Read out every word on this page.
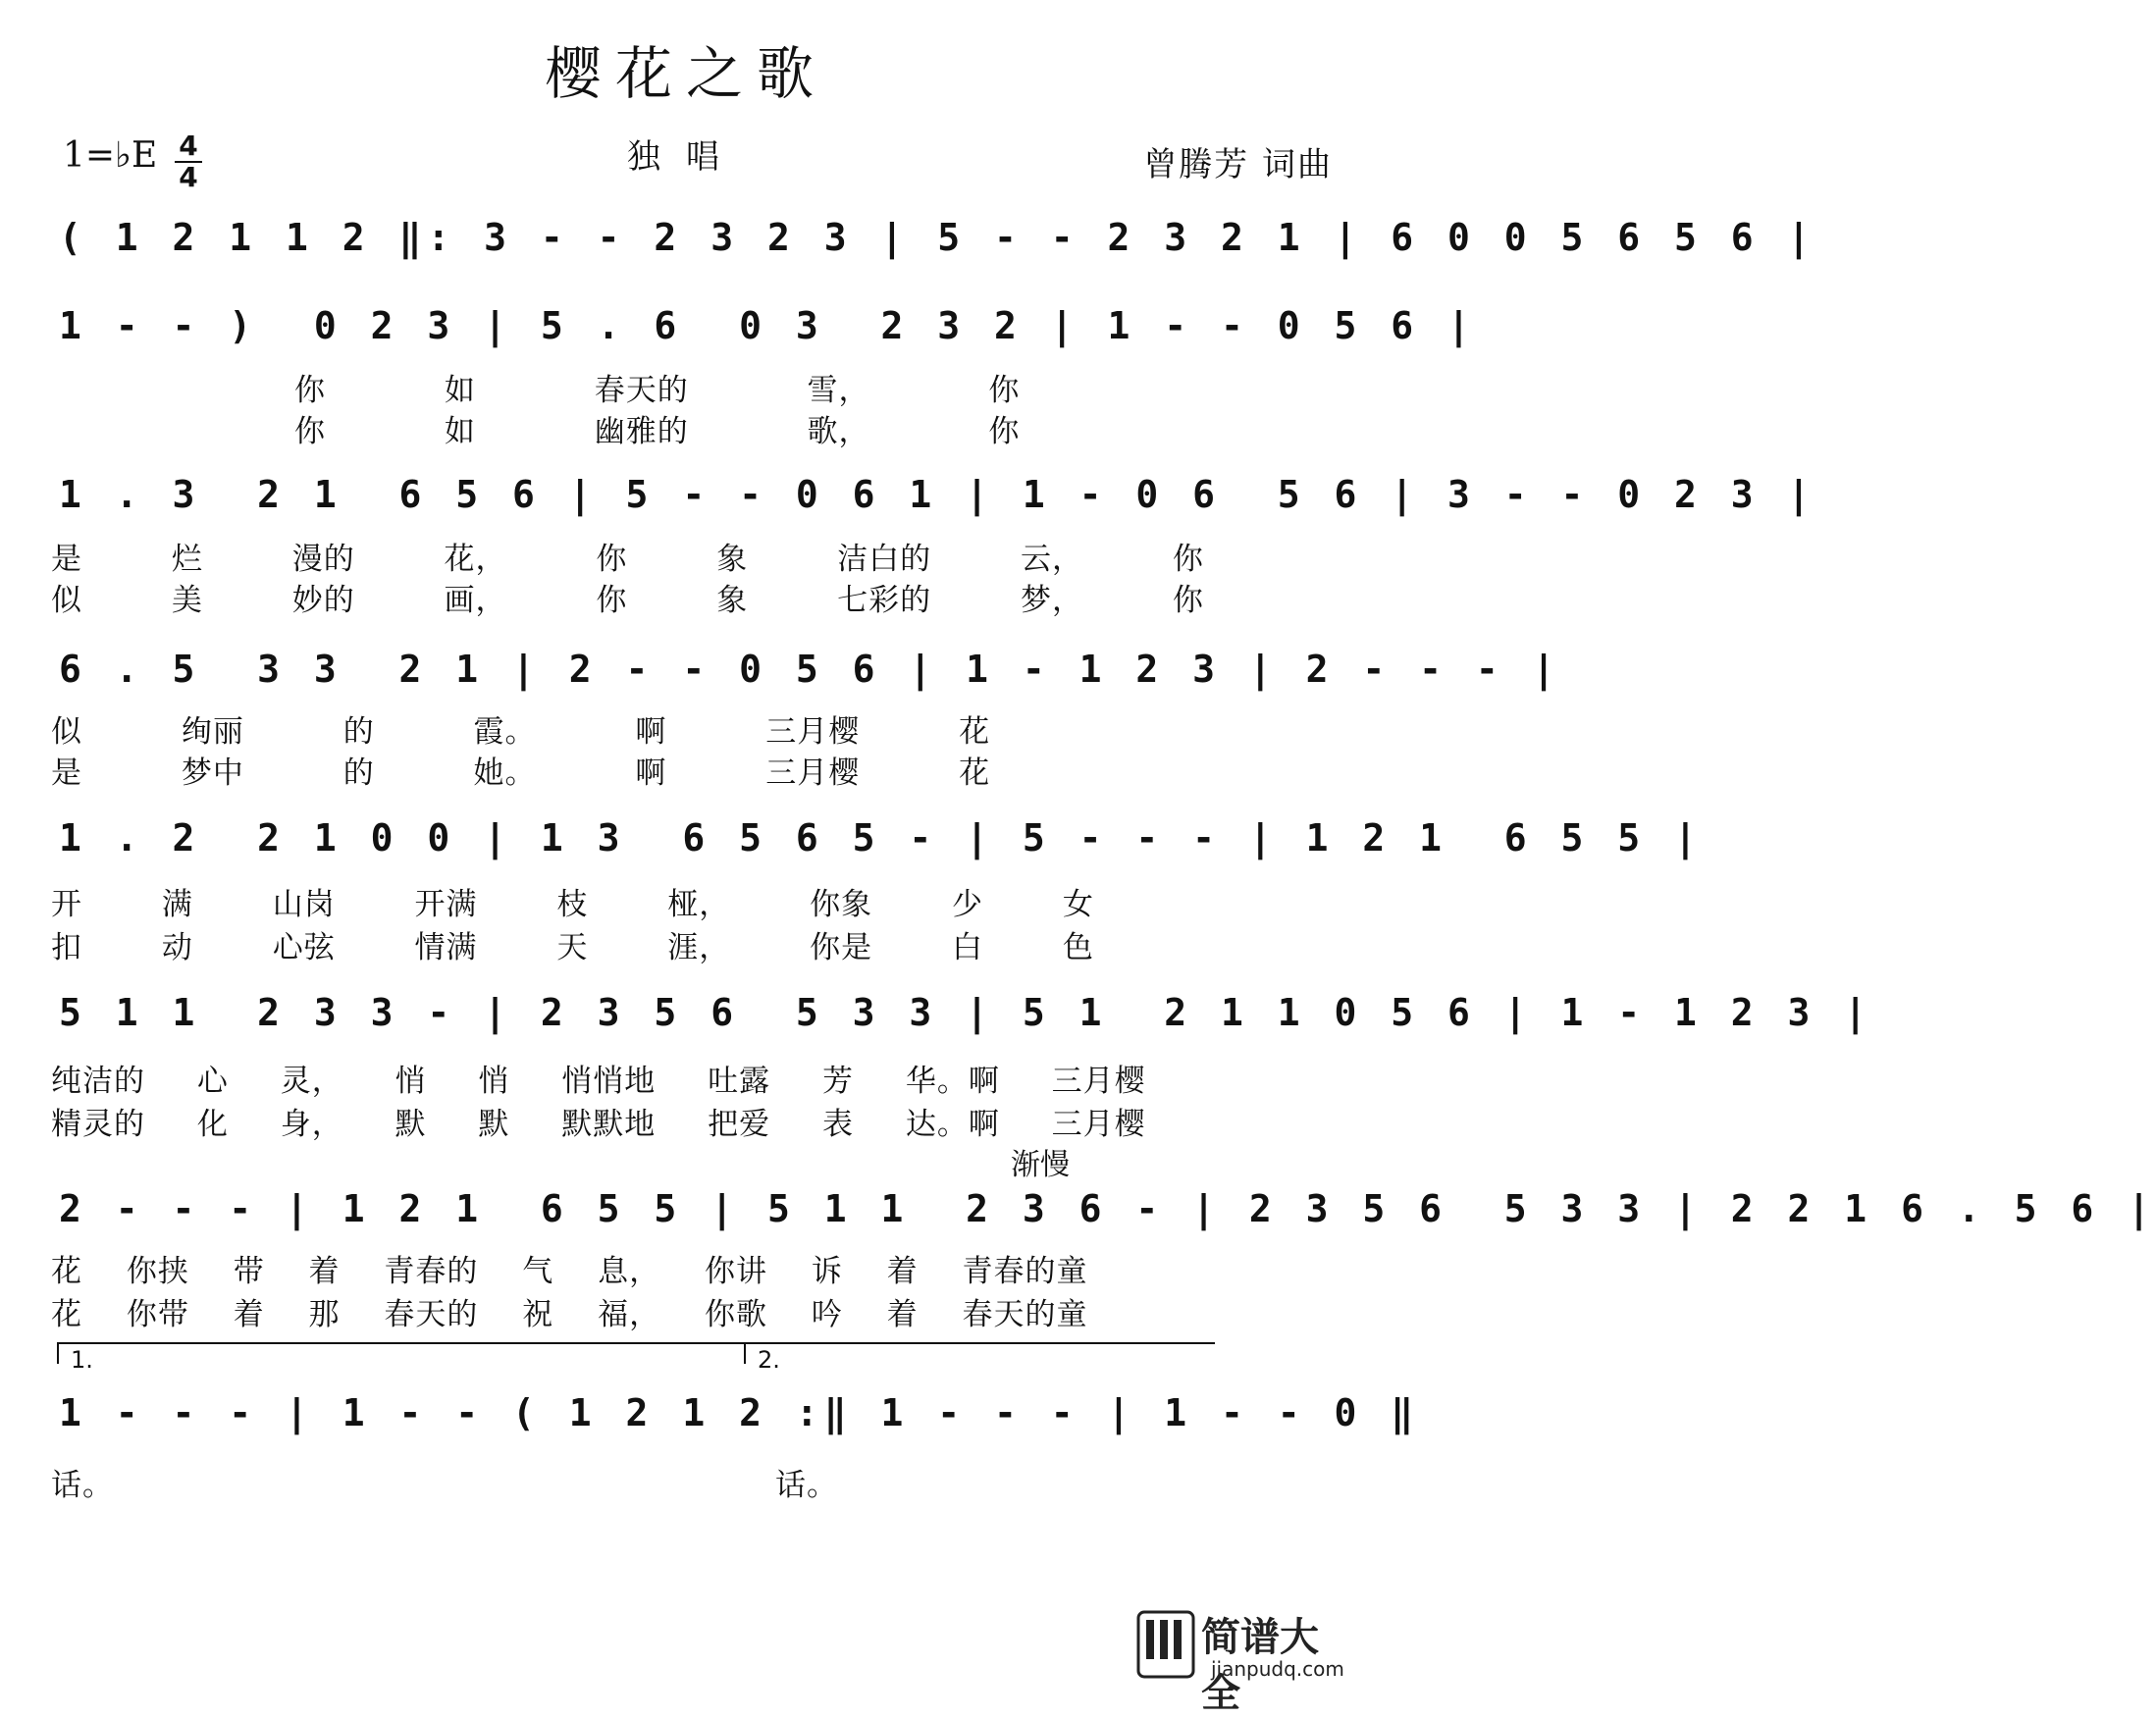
樱花之歌
1=♭E 4
4
独唱	曾腾芳 词曲
( 1 2 1 1 2 ‖: 3 - - 2 3 2 3 | 5 - - 2 3 2 1 | 6 0 0 5 6 5 6 |
1 - - )  0 2 3 | 5 . 6  0 3  2 3 2 | 1 - - 0 5 6 |
你 如 春天的 雪， 你
你 如 幽雅的 歌， 你
1 . 3  2 1  6 5 6 | 5 - - 0 6 1 | 1 - 0 6  5 6 | 3 - - 0 2 3 |
是 烂 漫的 花， 你 象 洁白的 云， 你
似 美 妙的 画， 你 象 七彩的 梦， 你
6 . 5  3 3  2 1 | 2 - - 0 5 6 | 1 - 1 2 3 | 2 - - - |
似 绚丽 的 霞。 啊 三月樱 花
是 梦中 的 她。 啊 三月樱 花
1 . 2  2 1 0 0 | 1 3  6 5 6 5 - | 5 - - - | 1 2 1  6 5 5 |
开 满 山岗 开满 枝 桠， 你象 少 女
扣 动 心弦 情满 天 涯， 你是 白 色
5 1 1  2 3 3 - | 2 3 5 6  5 3 3 | 5 1  2 1 1 0 5 6 | 1 - 1 2 3 |
纯洁的 心 灵， 悄 悄 悄悄地 吐露 芳 华。啊 三月樱
精灵的 化 身， 默 默 默默地 把爱 表 达。啊 三月樱
渐慢
2 - - - | 1 2 1  6 5 5 | 5 1 1  2 3 6 - | 2 3 5 6  5 3 3 | 2 2 1 6 . 5 6 |
花 你挟 带 着 青春的 气 息， 你讲 诉 着 青春的童
花 你带 着 那 春天的 祝 福， 你歌 吟 着 春天的童
1.	2.
1 - - - | 1 - - ( 1 2 1 2 :‖ 1 - - - | 1 - - 0 ‖
话。	话。
简谱大全
jianpudq.com
